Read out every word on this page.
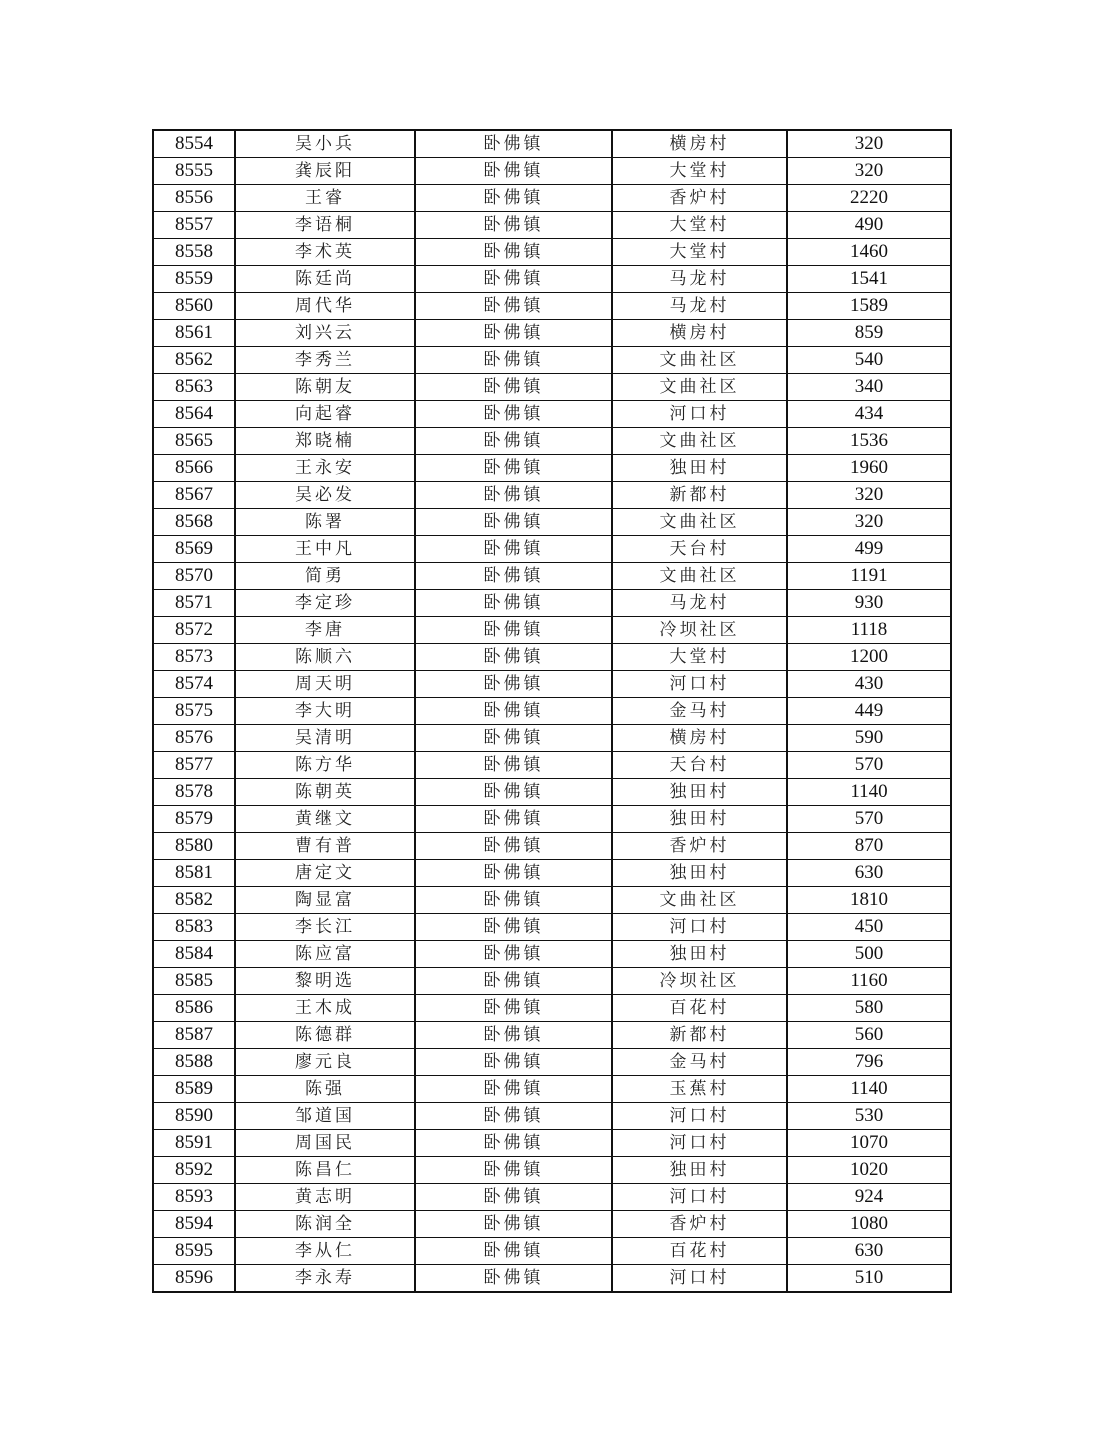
8554	吴小兵	卧佛镇	横房村	320
8555	龚辰阳	卧佛镇	大堂村	320
8556	王睿	卧佛镇	香炉村	2220
8557	李语桐	卧佛镇	大堂村	490
8558	李术英	卧佛镇	大堂村	1460
8559	陈廷尚	卧佛镇	马龙村	1541
8560	周代华	卧佛镇	马龙村	1589
8561	刘兴云	卧佛镇	横房村	859
8562	李秀兰	卧佛镇	文曲社区	540
8563	陈朝友	卧佛镇	文曲社区	340
8564	向起睿	卧佛镇	河口村	434
8565	郑晓楠	卧佛镇	文曲社区	1536
8566	王永安	卧佛镇	独田村	1960
8567	吴必发	卧佛镇	新都村	320
8568	陈署	卧佛镇	文曲社区	320
8569	王中凡	卧佛镇	天台村	499
8570	简勇	卧佛镇	文曲社区	1191
8571	李定珍	卧佛镇	马龙村	930
8572	李唐	卧佛镇	冷坝社区	1118
8573	陈顺六	卧佛镇	大堂村	1200
8574	周天明	卧佛镇	河口村	430
8575	李大明	卧佛镇	金马村	449
8576	吴清明	卧佛镇	横房村	590
8577	陈方华	卧佛镇	天台村	570
8578	陈朝英	卧佛镇	独田村	1140
8579	黄继文	卧佛镇	独田村	570
8580	曹有普	卧佛镇	香炉村	870
8581	唐定文	卧佛镇	独田村	630
8582	陶显富	卧佛镇	文曲社区	1810
8583	李长江	卧佛镇	河口村	450
8584	陈应富	卧佛镇	独田村	500
8585	黎明选	卧佛镇	冷坝社区	1160
8586	王木成	卧佛镇	百花村	580
8587	陈德群	卧佛镇	新都村	560
8588	廖元良	卧佛镇	金马村	796
8589	陈强	卧佛镇	玉蕉村	1140
8590	邹道国	卧佛镇	河口村	530
8591	周国民	卧佛镇	河口村	1070
8592	陈昌仁	卧佛镇	独田村	1020
8593	黄志明	卧佛镇	河口村	924
8594	陈润全	卧佛镇	香炉村	1080
8595	李从仁	卧佛镇	百花村	630
8596	李永寿	卧佛镇	河口村	510
